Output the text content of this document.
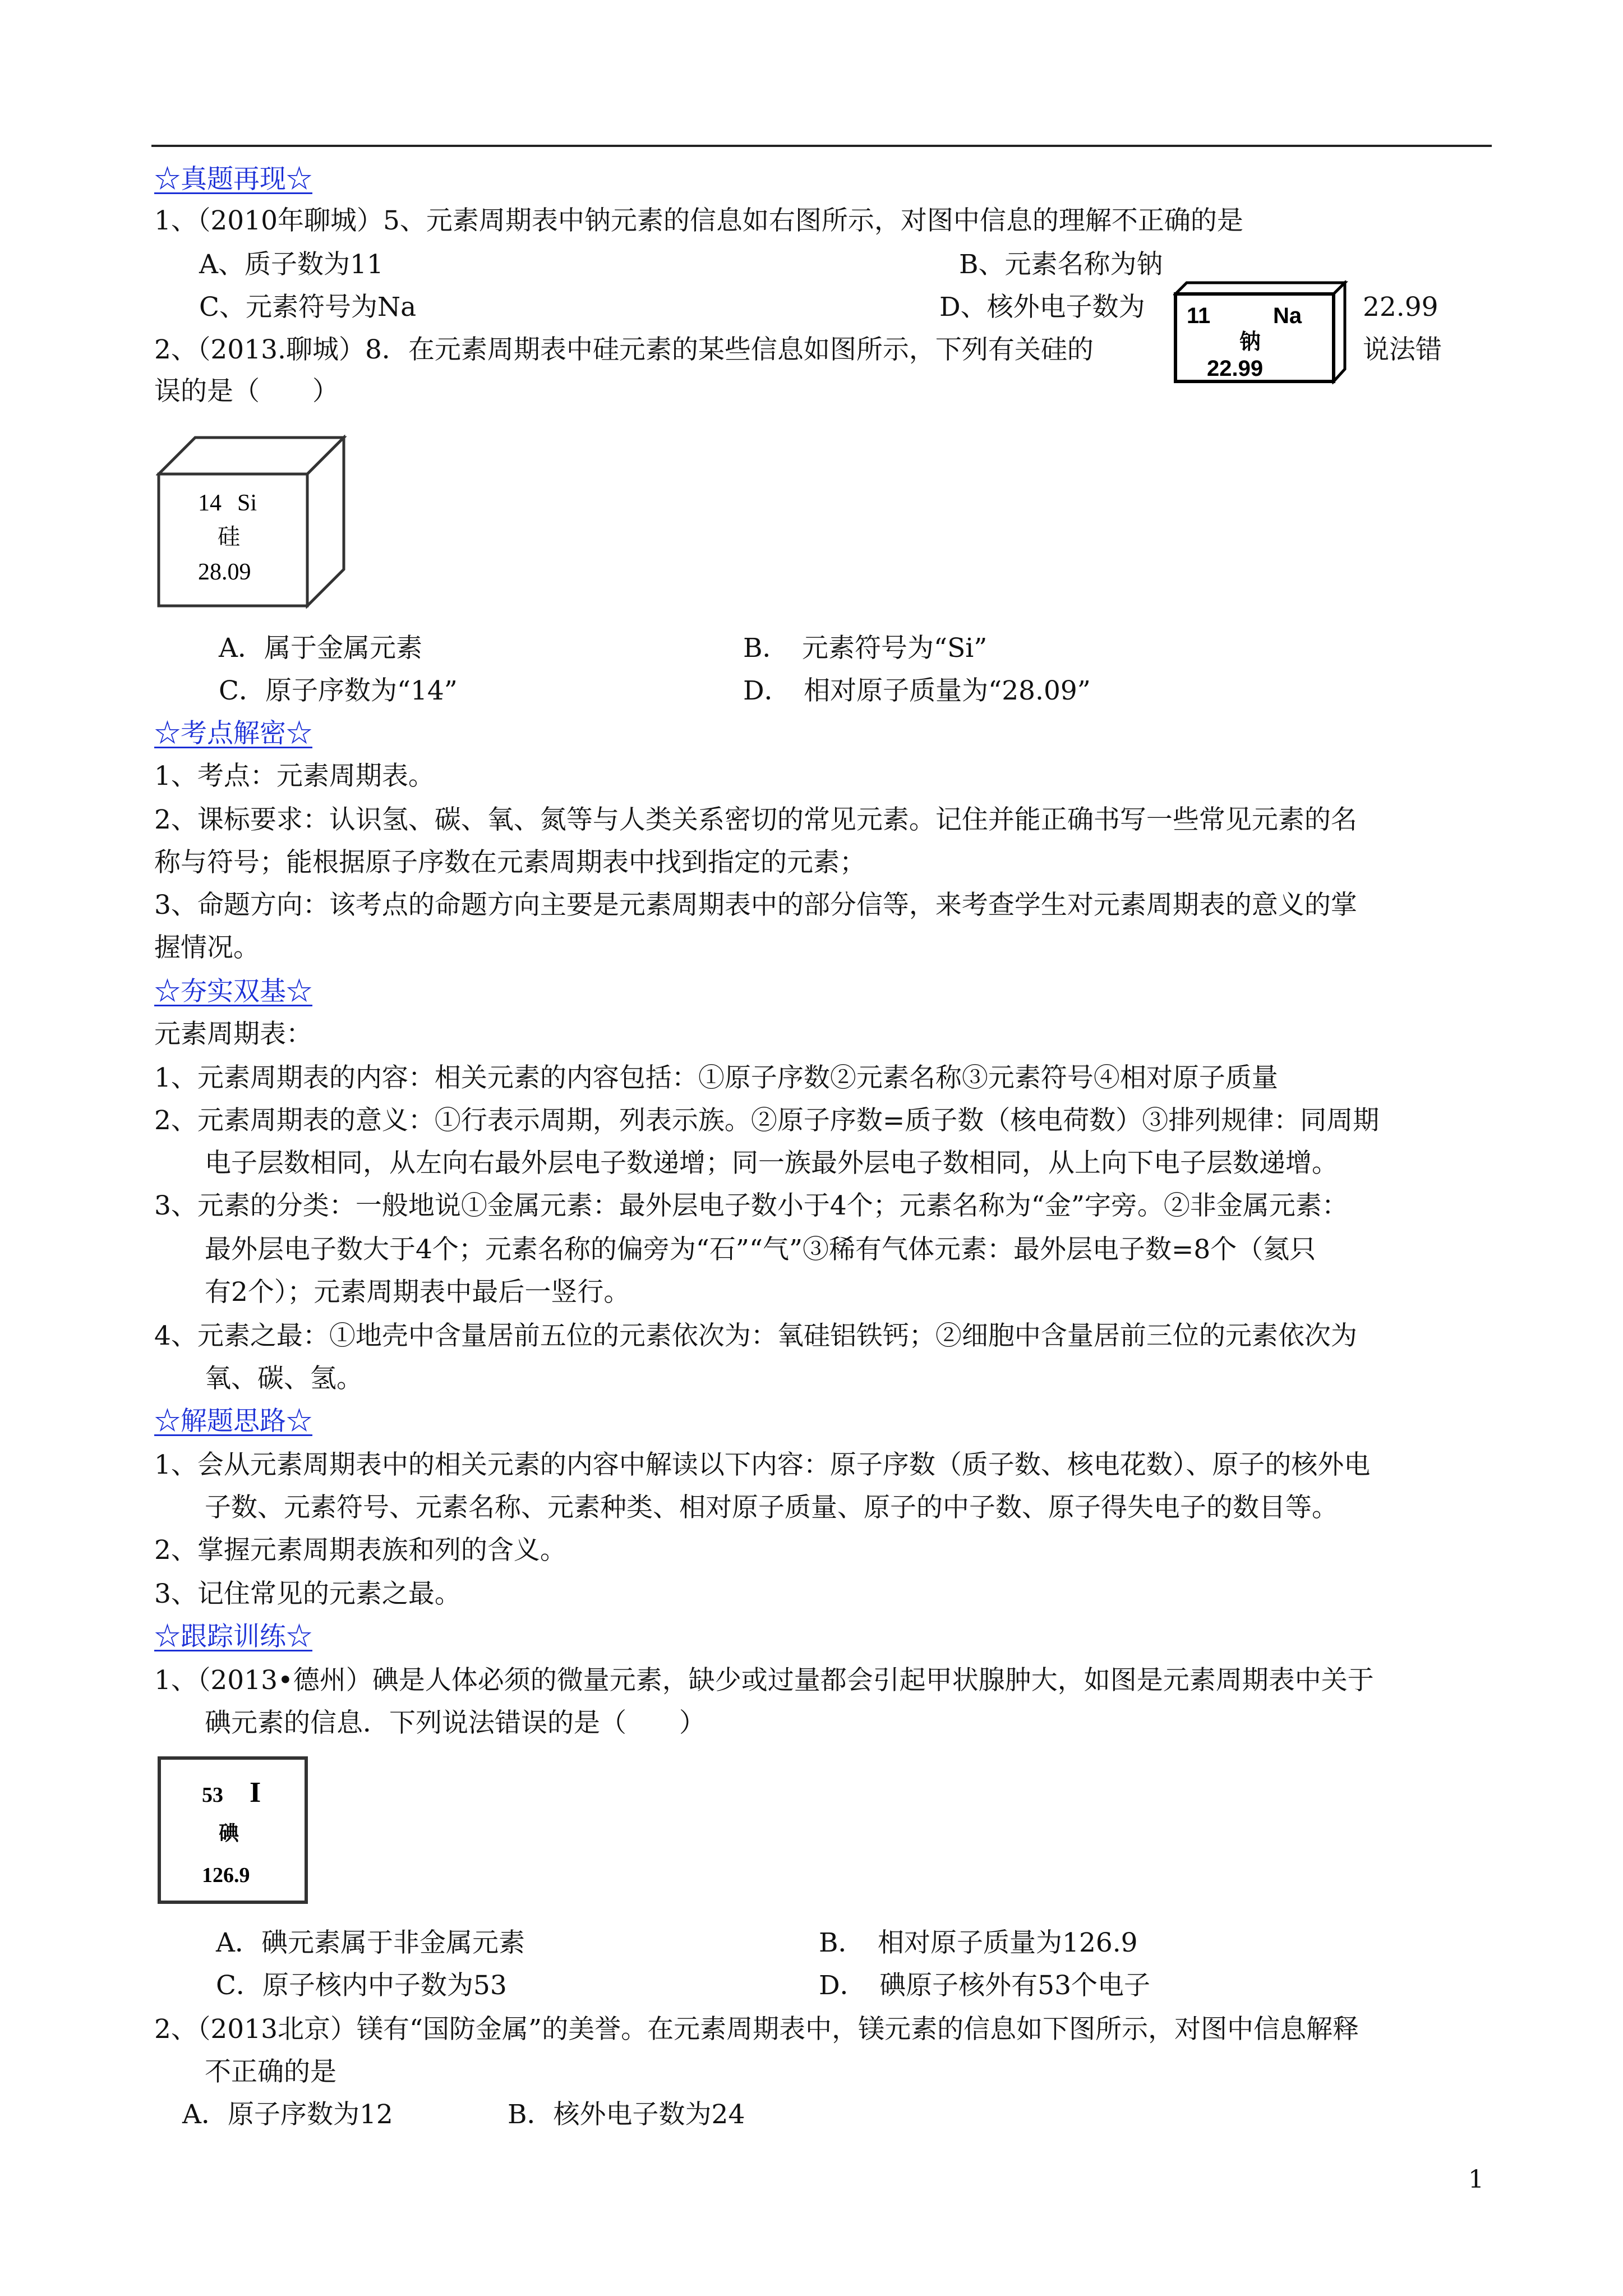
☆真题再现☆
1、（2010年聊城）5、元素周期表中钠元素的信息如右图所示，对图中信息的理解不正确的是
A、质子数为11	B、元素名称为钠
C、元素符号为Na	D、核外电子数为	22.99
11	Na
钠
22.99
2、（2013.聊城）8．在元素周期表中硅元素的某些信息如图所示，下列有关硅的	说法错
误的是（　　）
14 Si
硅
28.09
A．属于金属元素	B．　元素符号为“Si”
C．原子序数为“14”	D．　相对原子质量为“28.09”
☆考点解密☆
1、考点：元素周期表。
2、课标要求：认识氢、碳、氧、氮等与人类关系密切的常见元素。记住并能正确书写一些常见元素的名
称与符号；能根据原子序数在元素周期表中找到指定的元素；
3、命题方向：该考点的命题方向主要是元素周期表中的部分信等，来考查学生对元素周期表的意义的掌
握情况。
☆夯实双基☆
元素周期表：
1、元素周期表的内容：相关元素的内容包括：①原子序数②元素名称③元素符号④相对原子质量
2、元素周期表的意义：①行表示周期，列表示族。②原子序数=质子数（核电荷数）③排列规律：同周期
电子层数相同，从左向右最外层电子数递增；同一族最外层电子数相同，从上向下电子层数递增。
3、元素的分类：一般地说①金属元素：最外层电子数小于4个；元素名称为“金”字旁。②非金属元素：
最外层电子数大于4个；元素名称的偏旁为“石”“气”③稀有气体元素：最外层电子数=8个（氦只
有2个）；元素周期表中最后一竖行。
4、元素之最：①地壳中含量居前五位的元素依次为：氧硅铝铁钙；②细胞中含量居前三位的元素依次为
氧、碳、氢。
☆解题思路☆
1、会从元素周期表中的相关元素的内容中解读以下内容：原子序数（质子数、核电花数）、原子的核外电
子数、元素符号、元素名称、元素种类、相对原子质量、原子的中子数、原子得失电子的数目等。
2、掌握元素周期表族和列的含义。
3、记住常见的元素之最。
☆跟踪训练☆
1、（2013•德州）碘是人体必须的微量元素，缺少或过量都会引起甲状腺肿大，如图是元素周期表中关于
碘元素的信息．下列说法错误的是（　　）
53 I
碘
126.9
A．碘元素属于非金属元素	B．　相对原子质量为126.9
C．原子核内中子数为53	D．　碘原子核外有53个电子
2、（2013北京）镁有“国防金属”的美誉。在元素周期表中，镁元素的信息如下图所示，对图中信息解释
不正确的是
A．原子序数为12	B．核外电子数为24
1
